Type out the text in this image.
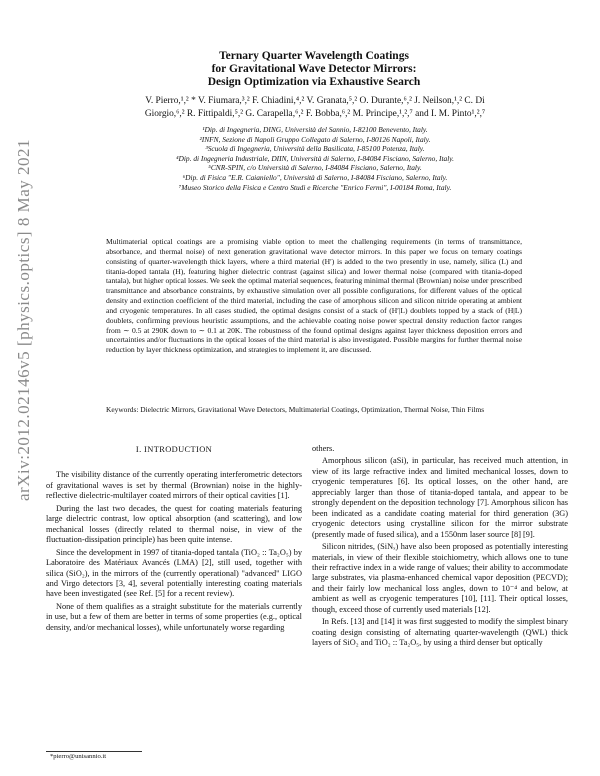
arXiv:2012.02146v5 [physics.optics] 8 May 2021
Ternary Quarter Wavelength Coatings
for Gravitational Wave Detector Mirrors:
Design Optimization via Exhaustive Search
V. Pierro,¹,² * V. Fiumara,³,² F. Chiadini,⁴,² V. Granata,⁵,² O. Durante,⁶,² J. Neilson,¹,² C. Di
Giorgio,⁶,² R. Fittipaldi,⁵,² G. Carapella,⁶,² F. Bobba,⁶,² M. Principe,¹,²,⁷ and I. M. Pinto¹,²,⁷
¹Dip. di Ingegneria, DING, Università del Sannio, I-82100 Benevento, Italy.
²INFN, Sezione di Napoli Gruppo Collegato di Salerno, I-80126 Napoli, Italy.
³Scuola di Ingegneria, Università della Basilicata, I-85100 Potenza, Italy.
⁴Dip. di Ingegneria Industriale, DIIN, Università di Salerno, I-84084 Fisciano, Salerno, Italy.
⁵CNR-SPIN, c/o Università di Salerno, I-84084 Fisciano, Salerno, Italy.
⁶Dip. di Fisica "E.R. Caianiello", Università di Salerno, I-84084 Fisciano, Salerno, Italy.
⁷Museo Storico della Fisica e Centro Studi e Ricerche "Enrico Fermi", I-00184 Roma, Italy.
Multimaterial optical coatings are a promising viable option to meet the challenging requirements (in terms of transmittance, absorbance, and thermal noise) of next generation gravitational wave detector mirrors. In this paper we focus on ternary coatings consisting of quarter-wavelength thick layers, where a third material (H′) is added to the two presently in use, namely, silica (L) and titania-doped tantala (H), featuring higher dielectric contrast (against silica) and lower thermal noise (compared with titania-doped tantala), but higher optical losses. We seek the optimal material sequences, featuring minimal thermal (Brownian) noise under prescribed transmittance and absorbance constraints, by exhaustive simulation over all possible configurations, for different values of the optical density and extinction coefficient of the third material, including the case of amorphous silicon and silicon nitride operating at ambient and cryogenic temperatures. In all cases studied, the optimal designs consist of a stack of (H′|L) doublets topped by a stack of (H|L) doublets, confirming previous heuristic assumptions, and the achievable coating noise power spectral density reduction factor ranges from ∼ 0.5 at 290K down to ∼ 0.1 at 20K. The robustness of the found optimal designs against layer thickness deposition errors and uncertainties and/or fluctuations in the optical losses of the third material is also investigated. Possible margins for further thermal noise reduction by layer thickness optimization, and strategies to implement it, are discussed.
Keywords: Dielectric Mirrors, Gravitational Wave Detectors, Multimaterial Coatings, Optimization, Thermal Noise, Thin Films
I. INTRODUCTION

The visibility distance of the currently operating interferometric detectors of gravitational waves is set by thermal (Brownian) noise in the highly-reflective dielectric-multilayer coated mirrors of their optical cavities [1].

During the last two decades, the quest for coating materials featuring large dielectric contrast, low optical absorption (and scattering), and low mechanical losses (directly related to thermal noise, in view of the fluctuation-dissipation principle) has been quite intense.

Since the development in 1997 of titania-doped tantala (TiO₂ :: Ta₂O₅) by Laboratoire des Matériaux Avancés (LMA) [2], still used, together with silica (SiO₂), in the mirrors of the (currently operational) "advanced" LIGO and Virgo detectors [3, 4], several potentially interesting coating materials have been investigated (see Ref. [5] for a recent review).

None of them qualifies as a straight substitute for the materials currently in use, but a few of them are better in terms of some properties (e.g., optical density, and/or mechanical losses), while unfortunately worse regarding

others.

Amorphous silicon (aSi), in particular, has received much attention, in view of its large refractive index and limited mechanical losses, down to cryogenic temperatures [6]. Its optical losses, on the other hand, are appreciably larger than those of titania-doped tantala, and appear to be strongly dependent on the deposition technology [7]. Amorphous silicon has been indicated as a candidate coating material for third generation (3G) cryogenic detectors using crystalline silicon for the mirror substrate (presently made of fused silica), and a 1550nm laser source [8] [9].

Silicon nitrides, (SiNₓ) have also been proposed as potentially interesting materials, in view of their flexible stoichiometry, which allows one to tune their refractive index in a wide range of values; their ability to accommodate large substrates, via plasma-enhanced chemical vapor deposition (PECVD); and their fairly low mechanical loss angles, down to 10⁻⁴ and below, at ambient as well as cryogenic temperatures [10], [11]. Their optical losses, though, exceed those of currently used materials [12].

In Refs. [13] and [14] it was first suggested to modify the simplest binary coating design consisting of alternating quarter-wavelength (QWL) thick layers of SiO₂ and TiO₂ :: Ta₂O₅, by using a third denser but optically

*pierro@unisannio.it
